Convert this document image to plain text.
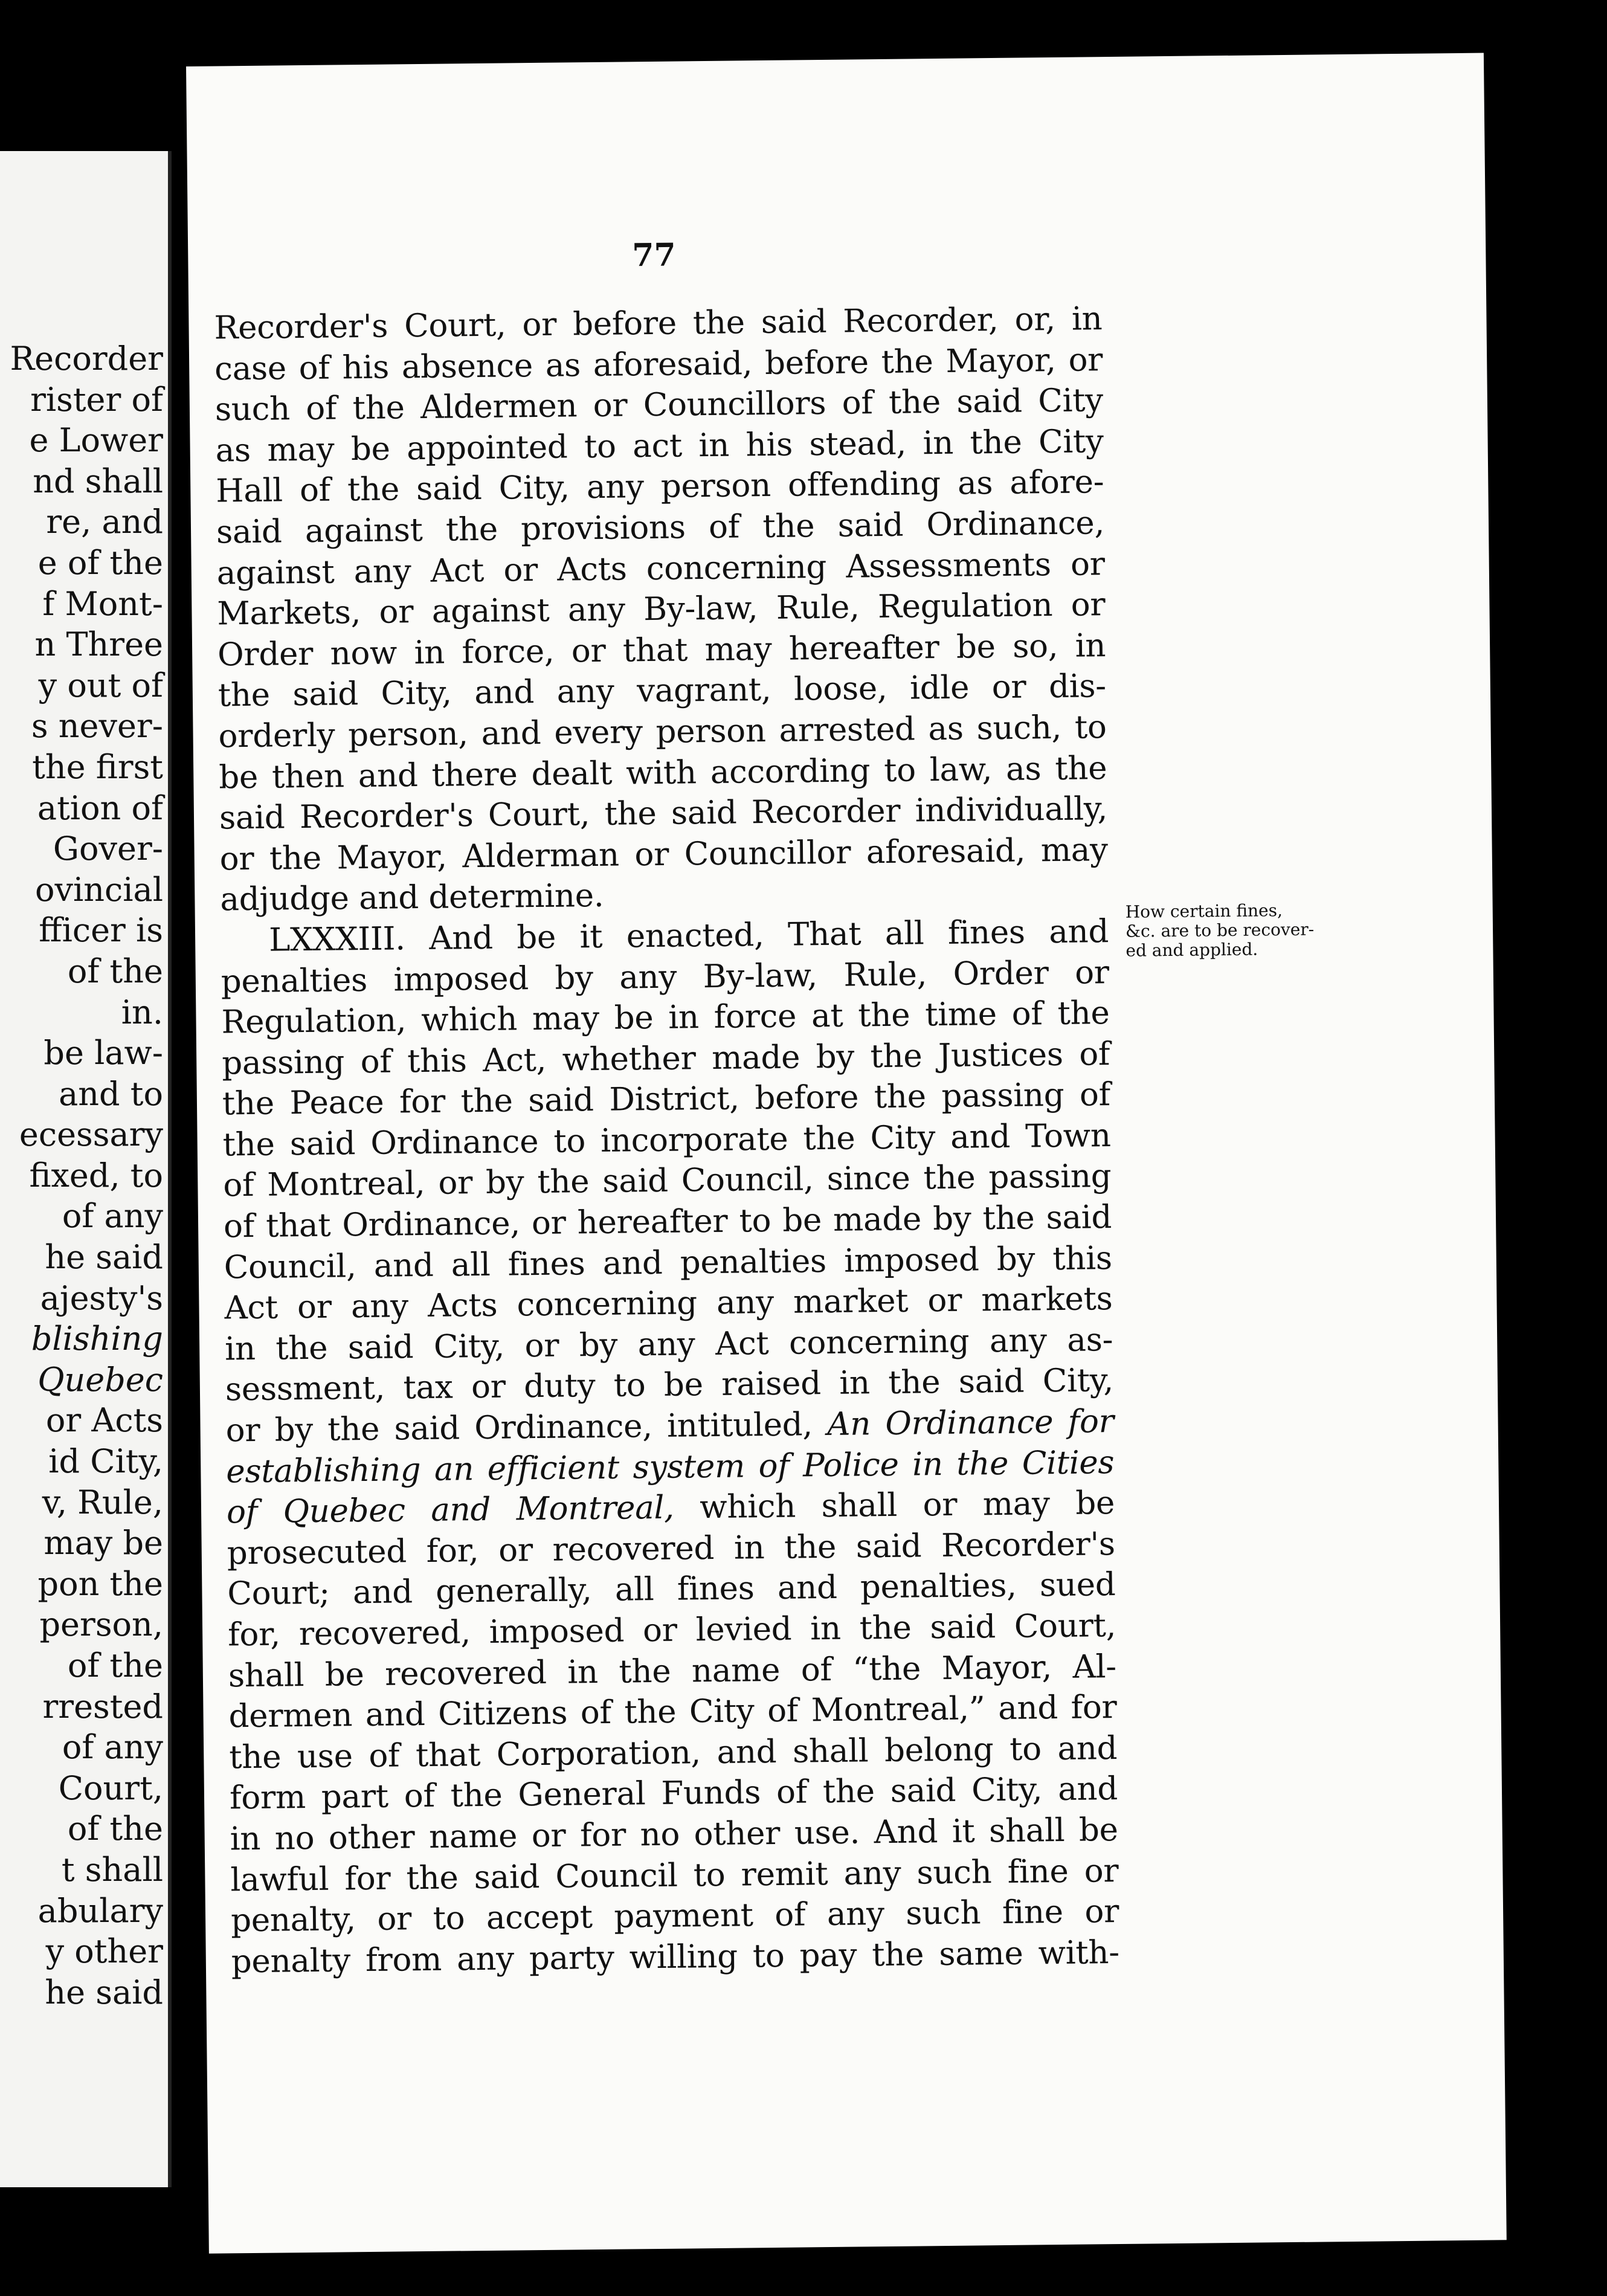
Recorder
rister of
e Lower
nd shall
re, and
e of the
f Mont-
n Three
y out of
s never-
the first
ation of
Gover-
ovincial
fficer is
of the
in.
be law-
and to
ecessary
fixed, to
of any
he said
ajesty's
blishing
Quebec
or Acts
id City,
v, Rule,
may be
pon the
person,
of the
rrested
of any
Court,
of the
t shall
abulary
y other
he said
77
Recorder's Court, or before the said Recorder, or, in
case of his absence as aforesaid, before the Mayor, or
such of the Aldermen or Councillors of the said City
as may be appointed to act in his stead, in the City
Hall of the said City, any person offending as afore-
said against the provisions of the said Ordinance,
against any Act or Acts concerning Assessments or
Markets, or against any By-law, Rule, Regulation or
Order now in force, or that may hereafter be so, in
the said City, and any vagrant, loose, idle or dis-
orderly person, and every person arrested as such, to
be then and there dealt with according to law, as the
said Recorder's Court, the said Recorder individually,
or the Mayor, Alderman or Councillor aforesaid, may
adjudge and determine.
LXXXIII. And be it enacted, That all fines and
penalties imposed by any By-law, Rule, Order or
Regulation, which may be in force at the time of the
passing of this Act, whether made by the Justices of
the Peace for the said District, before the passing of
the said Ordinance to incorporate the City and Town
of Montreal, or by the said Council, since the passing
of that Ordinance, or hereafter to be made by the said
Council, and all fines and penalties imposed by this
Act or any Acts concerning any market or markets
in the said City, or by any Act concerning any as-
sessment, tax or duty to be raised in the said City,
or by the said Ordinance, intituled, An Ordinance for
establishing an efficient system of Police in the Cities
of Quebec and Montreal, which shall or may be
prosecuted for, or recovered in the said Recorder's
Court; and generally, all fines and penalties, sued
for, recovered, imposed or levied in the said Court,
shall be recovered in the name of “the Mayor, Al-
dermen and Citizens of the City of Montreal,” and for
the use of that Corporation, and shall belong to and
form part of the General Funds of the said City, and
in no other name or for no other use. And it shall be
lawful for the said Council to remit any such fine or
penalty, or to accept payment of any such fine or
penalty from any party willing to pay the same with-
How certain fines,
&c. are to be recover-
ed and applied.
